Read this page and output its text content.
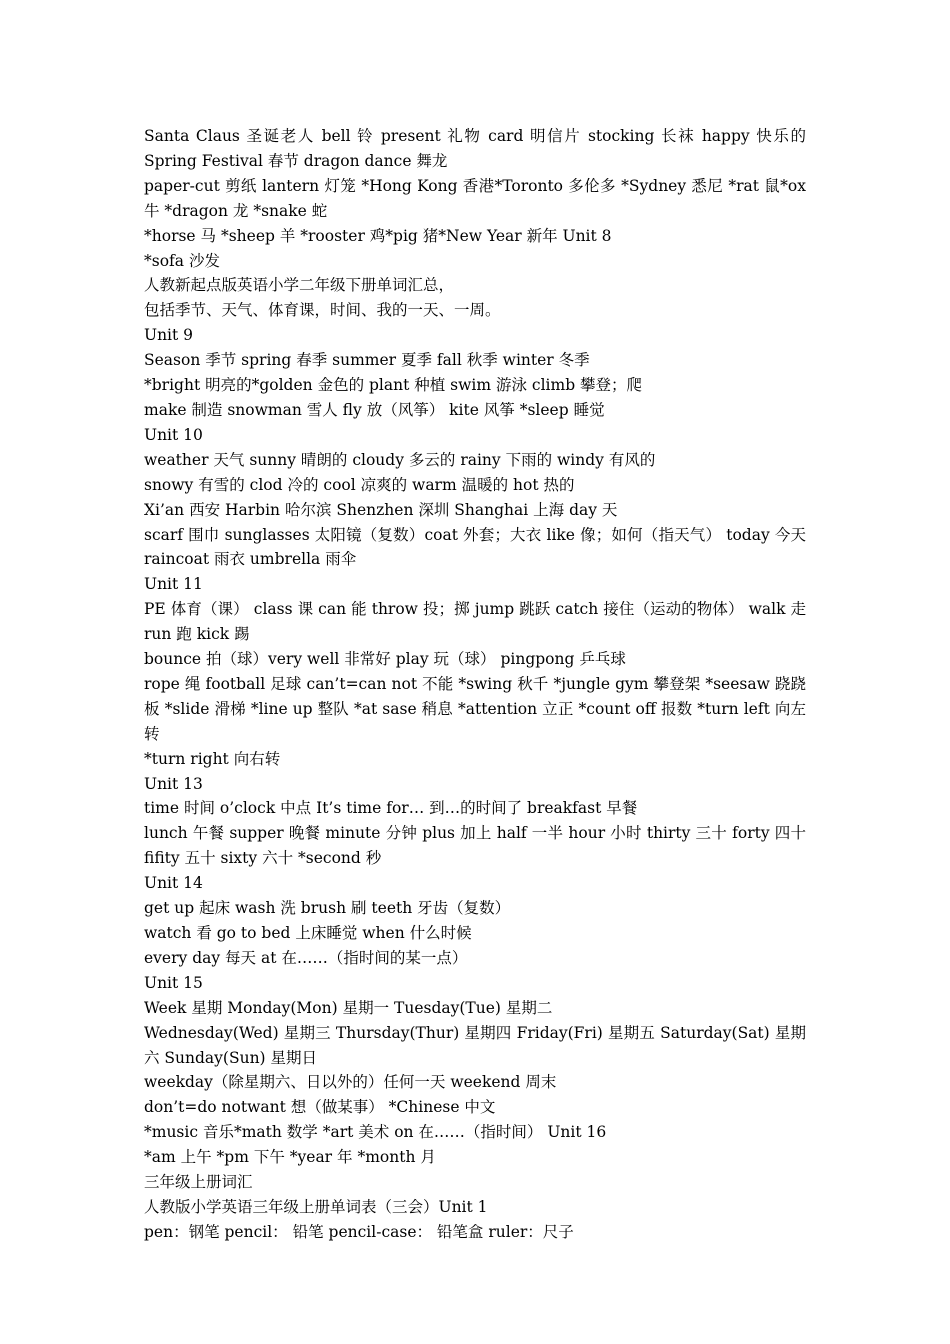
Santa Claus 圣诞老人 bell 铃 present 礼物 card 明信片 stocking 长袜 happy 快乐的 Spring Festival 春节 dragon dance 舞龙

paper-cut 剪纸 lantern 灯笼 *Hong Kong 香港*Toronto 多伦多 *Sydney 悉尼 *rat 鼠*ox 牛 *dragon 龙 *snake 蛇

*horse 马 *sheep 羊 *rooster 鸡*pig 猪*New Year 新年 Unit 8

*sofa 沙发

人教新起点版英语小学二年级下册单词汇总，

包括季节、天气、体育课，时间、我的一天、一周。

Unit 9

Season 季节 spring 春季 summer 夏季 fall 秋季 winter 冬季

*bright 明亮的*golden 金色的 plant 种植 swim 游泳 climb 攀登；爬

make 制造 snowman 雪人 fly 放（风筝） kite 风筝 *sleep 睡觉

Unit 10

weather 天气 sunny 晴朗的 cloudy 多云的 rainy 下雨的 windy 有风的

snowy 有雪的 clod 冷的 cool 凉爽的 warm 温暖的 hot 热的

Xi’an 西安 Harbin 哈尔滨 Shenzhen 深圳 Shanghai 上海 day 天

scarf 围巾 sunglasses 太阳镜（复数）coat 外套；大衣 like 像；如何（指天气） today 今天 raincoat 雨衣 umbrella 雨伞

Unit 11

PE 体育（课） class 课 can 能 throw 投；掷 jump 跳跃 catch 接住（运动的物体） walk 走 run 跑 kick 踢

bounce 拍（球）very well 非常好 play 玩（球） pingpong 乒乓球

rope 绳 football 足球 can’t=can not 不能 *swing 秋千 *jungle gym 攀登架 *seesaw 跷跷板 *slide 滑梯 *line up 整队 *at sase 稍息 *attention 立正 *count off 报数 *turn left 向左转

*turn right 向右转

Unit 13

time 时间 o’clock 中点 It’s time for… 到…的时间了 breakfast 早餐

lunch 午餐 supper 晚餐 minute 分钟 plus 加上 half 一半 hour 小时 thirty 三十 forty 四十 fifity 五十 sixty 六十 *second 秒

Unit 14

get up 起床 wash 洗 brush 刷 teeth 牙齿（复数）

watch 看 go to bed 上床睡觉 when 什么时候

every day 每天 at 在……（指时间的某一点）

Unit 15

Week 星期 Monday(Mon) 星期一 Tuesday(Tue) 星期二

Wednesday(Wed) 星期三 Thursday(Thur) 星期四 Friday(Fri) 星期五 Saturday(Sat) 星期六 Sunday(Sun) 星期日

weekday（除星期六、日以外的）任何一天 weekend 周末

don’t=do notwant 想（做某事） *Chinese 中文

*music 音乐*math 数学 *art 美术 on 在……（指时间） Unit 16

*am 上午 *pm 下午 *year 年 *month 月

三年级上册词汇

人教版小学英语三年级上册单词表（三会）Unit 1

pen：钢笔 pencil： 铅笔 pencil-case： 铅笔盒 ruler：尺子
